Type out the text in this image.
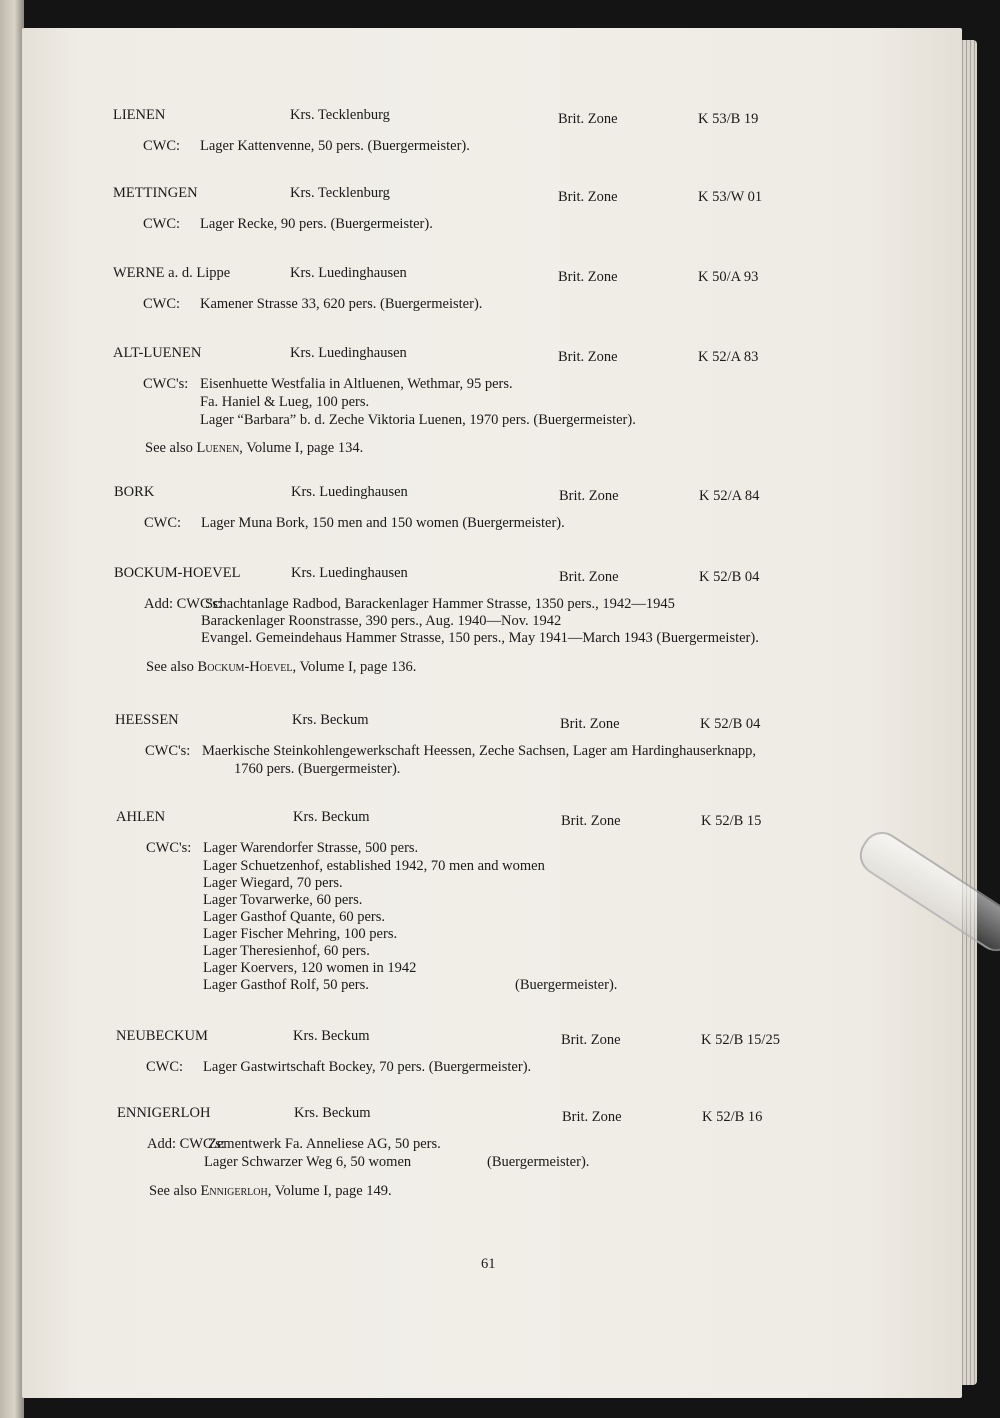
LIENEN	Krs. Tecklenburg	Brit. Zone	K 53/B 19
CWC: Lager Kattenvenne, 50 pers. (Buergermeister).
METTINGEN	Krs. Tecklenburg	Brit. Zone	K 53/W 01
CWC: Lager Recke, 90 pers. (Buergermeister).
WERNE a. d. Lippe	Krs. Luedinghausen	Brit. Zone	K 50/A 93
CWC: Kamener Strasse 33, 620 pers. (Buergermeister).
ALT-LUENEN	Krs. Luedinghausen	Brit. Zone	K 52/A 83
CWC's: Eisenhuette Westfalia in Altluenen, Wethmar, 95 pers.
Fa. Haniel & Lueg, 100 pers.
Lager “Barbara” b. d. Zeche Viktoria Luenen, 1970 pers. (Buergermeister).
See also Luenen, Volume I, page 134.
BORK	Krs. Luedinghausen	Brit. Zone	K 52/A 84
CWC: Lager Muna Bork, 150 men and 150 women (Buergermeister).
BOCKUM-HOEVEL	Krs. Luedinghausen	Brit. Zone	K 52/B 04
Add: CWC's:
Schachtanlage Radbod, Barackenlager Hammer Strasse, 1350 pers., 1942—1945
Barackenlager Roonstrasse, 390 pers., Aug. 1940—Nov. 1942
Evangel. Gemeindehaus Hammer Strasse, 150 pers., May 1941—March 1943 (Buergermeister).
See also Bockum-Hoevel, Volume I, page 136.
HEESSEN	Krs. Beckum	Brit. Zone	K 52/B 04
CWC's: Maerkische Steinkohlengewerkschaft Heessen, Zeche Sachsen, Lager am Hardinghauserknapp,
1760 pers. (Buergermeister).
AHLEN	Krs. Beckum	Brit. Zone	K 52/B 15
CWC's: Lager Warendorfer Strasse, 500 pers.
Lager Schuetzenhof, established 1942, 70 men and women
Lager Wiegard, 70 pers.
Lager Tovarwerke, 60 pers.
Lager Gasthof Quante, 60 pers.
Lager Fischer Mehring, 100 pers.
Lager Theresienhof, 60 pers.
Lager Koervers, 120 women in 1942
Lager Gasthof Rolf, 50 pers.	(Buergermeister).
NEUBECKUM	Krs. Beckum	Brit. Zone	K 52/B 15/25
CWC: Lager Gastwirtschaft Bockey, 70 pers. (Buergermeister).
ENNIGERLOH	Krs. Beckum	Brit. Zone	K 52/B 16
Add: CWC's:
Zementwerk Fa. Anneliese AG, 50 pers.
Lager Schwarzer Weg 6, 50 women	(Buergermeister).
See also Ennigerloh, Volume I, page 149.
61
